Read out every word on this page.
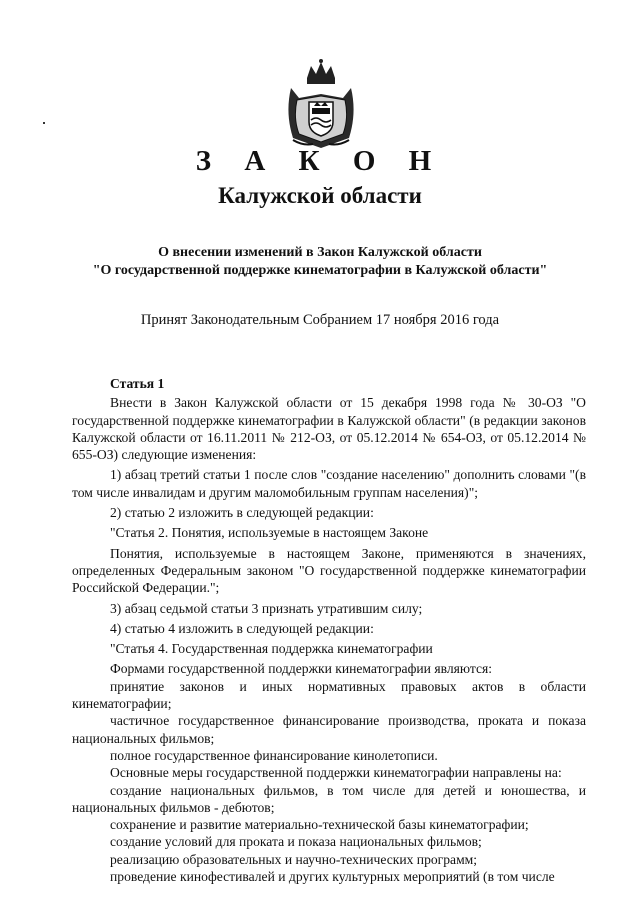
З А К О Н
Калужской области
О внесении изменений в Закон Калужской области
"О государственной поддержке кинематографии в Калужской области"
Принят Законодательным Собранием 17 ноября 2016 года

Статья 1

Внести в Закон Калужской области от 15 декабря 1998 года № 30-ОЗ "О государственной поддержке кинематографии в Калужской области" (в редакции законов Калужской области от 16.11.2011 № 212-ОЗ, от 05.12.2014 № 654-ОЗ, от 05.12.2014 № 655-ОЗ) следующие изменения:

1) абзац третий статьи 1 после слов "создание населению" дополнить словами "(в том числе инвалидам и другим маломобильным группам населения)";

2) статью 2 изложить в следующей редакции:

"Статья 2. Понятия, используемые в настоящем Законе

Понятия, используемые в настоящем Законе, применяются в значениях, определенных Федеральным законом "О государственной поддержке кинематографии Российской Федерации.";

3) абзац седьмой статьи 3 признать утратившим силу;

4) статью 4 изложить в следующей редакции:

"Статья 4. Государственная поддержка кинематографии

Формами государственной поддержки кинематографии являются:

принятие законов и иных нормативных правовых актов в области кинематографии;

частичное государственное финансирование производства, проката и показа национальных фильмов;

полное государственное финансирование кинолетописи.

Основные меры государственной поддержки кинематографии направлены на:

создание национальных фильмов, в том числе для детей и юношества, и национальных фильмов - дебютов;

сохранение и развитие материально-технической базы кинематографии;

создание условий для проката и показа национальных фильмов;

реализацию образовательных и научно-технических программ;

проведение кинофестивалей и других культурных мероприятий (в том числе
